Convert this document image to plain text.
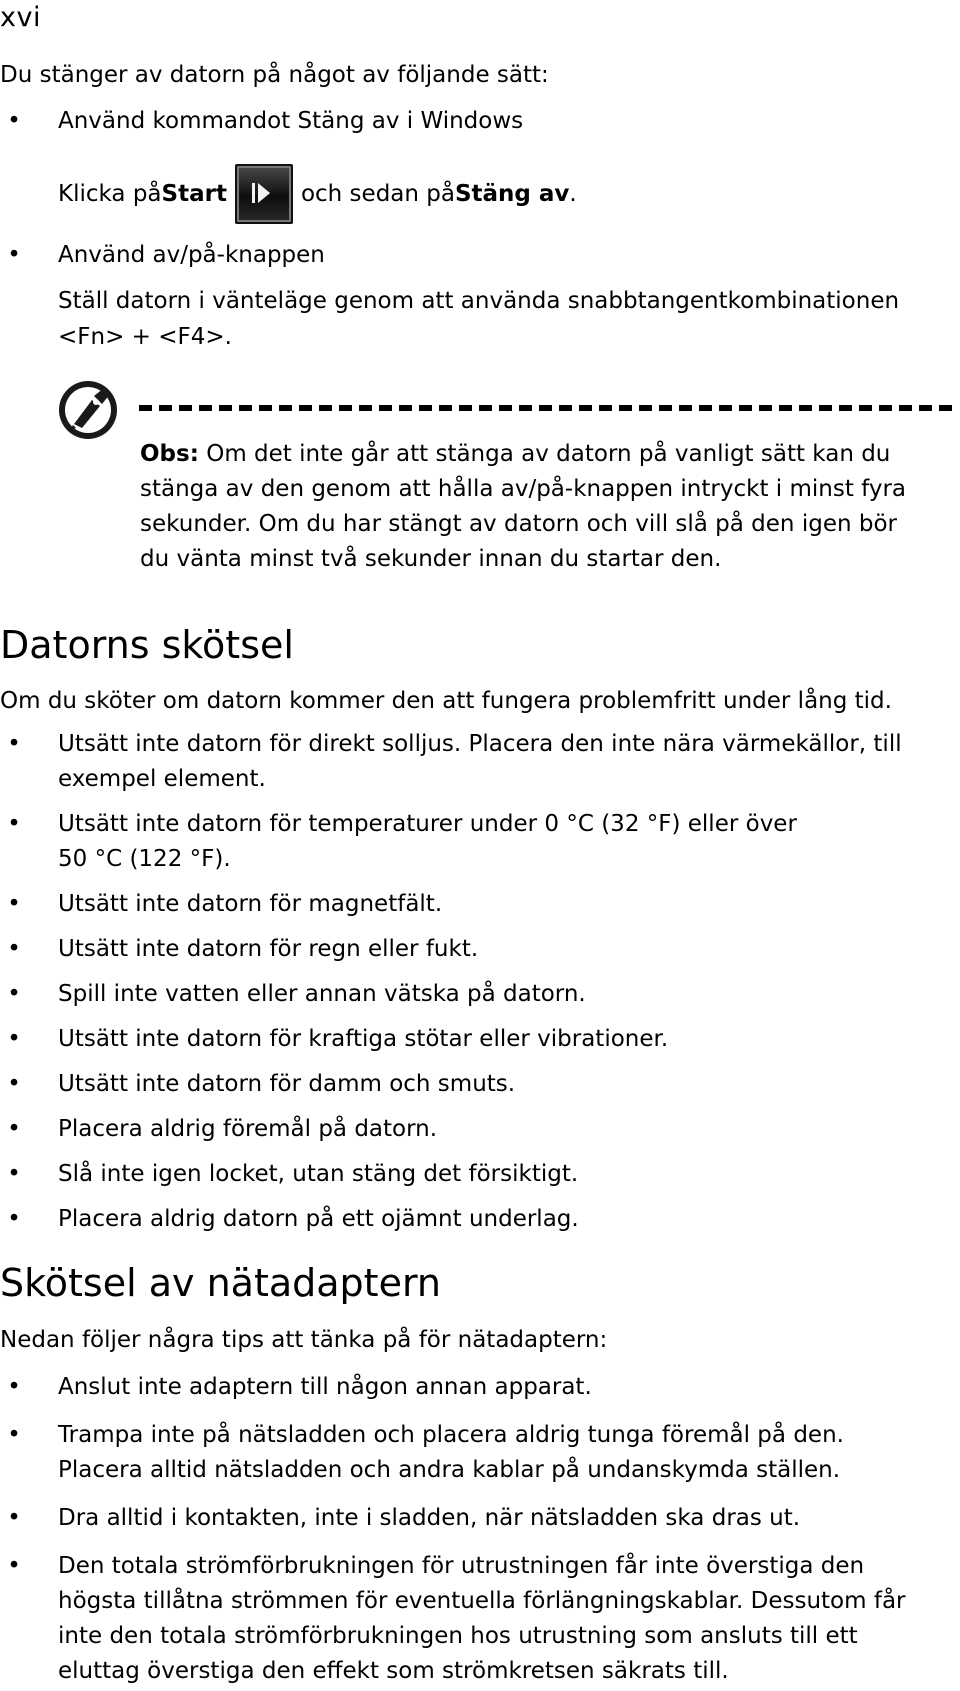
xvi

Du stänger av datorn på något av följande sätt:

• Använd kommandot Stäng av i Windows
Klicka på Start	och sedan på Stäng av .
• Använd av/på-knappen

Ställ datorn i vänteläge genom att använda snabbtangentkombinationen

<Fn> + <F4>.

Obs: Om det inte går att stänga av datorn på vanligt sätt kan du
stänga av den genom att hålla av/på-knappen intryckt i minst fyra
sekunder. Om du har stängt av datorn och vill slå på den igen bör
du vänta minst två sekunder innan du startar den.

Datorns skötsel

Om du sköter om datorn kommer den att fungera problemfritt under lång tid.

• Utsätt inte datorn för direkt solljus. Placera den inte nära värmekällor, till
exempel element.
• Utsätt inte datorn för temperaturer under 0 °C (32 °F) eller över
50 °C (122 °F).
• Utsätt inte datorn för magnetfält.
• Utsätt inte datorn för regn eller fukt.
• Spill inte vatten eller annan vätska på datorn.
• Utsätt inte datorn för kraftiga stötar eller vibrationer.
• Utsätt inte datorn för damm och smuts.
• Placera aldrig föremål på datorn.
• Slå inte igen locket, utan stäng det försiktigt.
• Placera aldrig datorn på ett ojämnt underlag.
Skötsel av nätadaptern

Nedan följer några tips att tänka på för nätadaptern:

• Anslut inte adaptern till någon annan apparat.
• Trampa inte på nätsladden och placera aldrig tunga föremål på den.
Placera alltid nätsladden och andra kablar på undanskymda ställen.
• Dra alltid i kontakten, inte i sladden, när nätsladden ska dras ut.
• Den totala strömförbrukningen för utrustningen får inte överstiga den
högsta tillåtna strömmen för eventuella förlängningskablar. Dessutom får
inte den totala strömförbrukningen hos utrustning som ansluts till ett
eluttag överstiga den effekt som strömkretsen säkrats till.
